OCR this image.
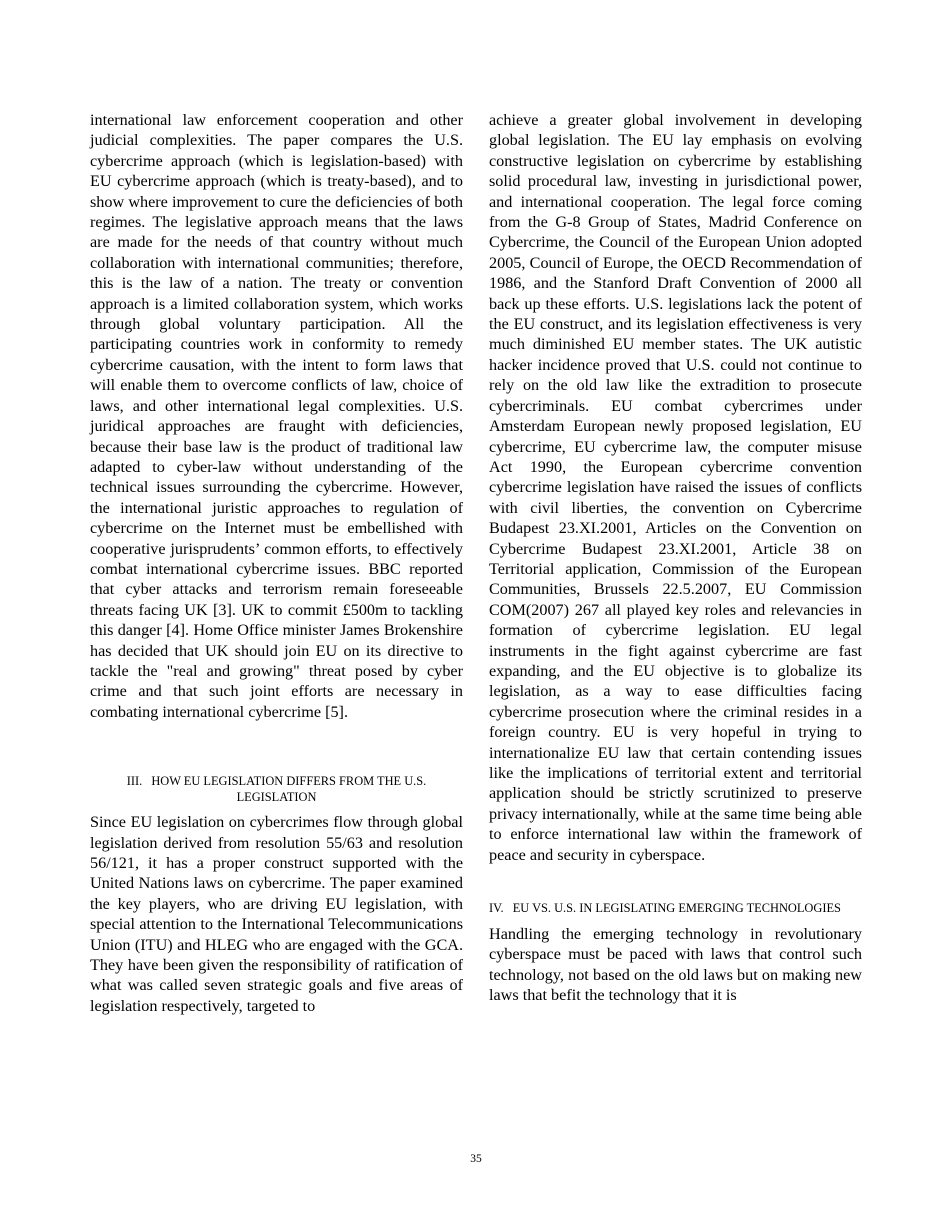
international law enforcement cooperation and other judicial complexities. The paper compares the U.S. cybercrime approach (which is legislation-based) with EU cybercrime approach (which is treaty-based), and to show where improvement to cure the deficiencies of both regimes. The legislative approach means that the laws are made for the needs of that country without much collaboration with international communities; therefore, this is the law of a nation. The treaty or convention approach is a limited collaboration system, which works through global voluntary participation. All the participating countries work in conformity to remedy cybercrime causation, with the intent to form laws that will enable them to overcome conflicts of law, choice of laws, and other international legal complexities. U.S. juridical approaches are fraught with deficiencies, because their base law is the product of traditional law adapted to cyber-law without understanding of the technical issues surrounding the cybercrime. However, the international juristic approaches to regulation of cybercrime on the Internet must be embellished with cooperative jurisprudents’ common efforts, to effectively combat international cybercrime issues. BBC reported that cyber attacks and terrorism remain foreseeable threats facing UK [3]. UK to commit £500m to tackling this danger [4]. Home Office minister James Brokenshire has decided that UK should join EU on its directive to tackle the "real and growing" threat posed by cyber crime and that such joint efforts are necessary in combating international cybercrime [5].

III. HOW EU LEGISLATION DIFFERS FROM THE U.S. LEGISLATION

Since EU legislation on cybercrimes flow through global legislation derived from resolution 55/63 and resolution 56/121, it has a proper construct supported with the United Nations laws on cybercrime. The paper examined the key players, who are driving EU legislation, with special attention to the International Telecommunications Union (ITU) and HLEG who are engaged with the GCA. They have been given the responsibility of ratification of what was called seven strategic goals and five areas of legislation respectively, targeted to

achieve a greater global involvement in developing global legislation. The EU lay emphasis on evolving constructive legislation on cybercrime by establishing solid procedural law, investing in jurisdictional power, and international cooperation. The legal force coming from the G-8 Group of States, Madrid Conference on Cybercrime, the Council of the European Union adopted 2005, Council of Europe, the OECD Recommendation of 1986, and the Stanford Draft Convention of 2000 all back up these efforts. U.S. legislations lack the potent of the EU construct, and its legislation effectiveness is very much diminished EU member states. The UK autistic hacker incidence proved that U.S. could not continue to rely on the old law like the extradition to prosecute cybercriminals. EU combat cybercrimes under Amsterdam European newly proposed legislation, EU cybercrime, EU cybercrime law, the computer misuse Act 1990, the European cybercrime convention cybercrime legislation have raised the issues of conflicts with civil liberties, the convention on Cybercrime Budapest 23.XI.2001, Articles on the Convention on Cybercrime Budapest 23.XI.2001, Article 38 on Territorial application, Commission of the European Communities, Brussels 22.5.2007, EU Commission COM(2007) 267 all played key roles and relevancies in formation of cybercrime legislation. EU legal instruments in the fight against cybercrime are fast expanding, and the EU objective is to globalize its legislation, as a way to ease difficulties facing cybercrime prosecution where the criminal resides in a foreign country. EU is very hopeful in trying to internationalize EU law that certain contending issues like the implications of territorial extent and territorial application should be strictly scrutinized to preserve privacy internationally, while at the same time being able to enforce international law within the framework of peace and security in cyberspace.

IV. EU VS. U.S. IN LEGISLATING EMERGING TECHNOLOGIES

Handling the emerging technology in revolutionary cyberspace must be paced with laws that control such technology, not based on the old laws but on making new laws that befit the technology that it is

35
